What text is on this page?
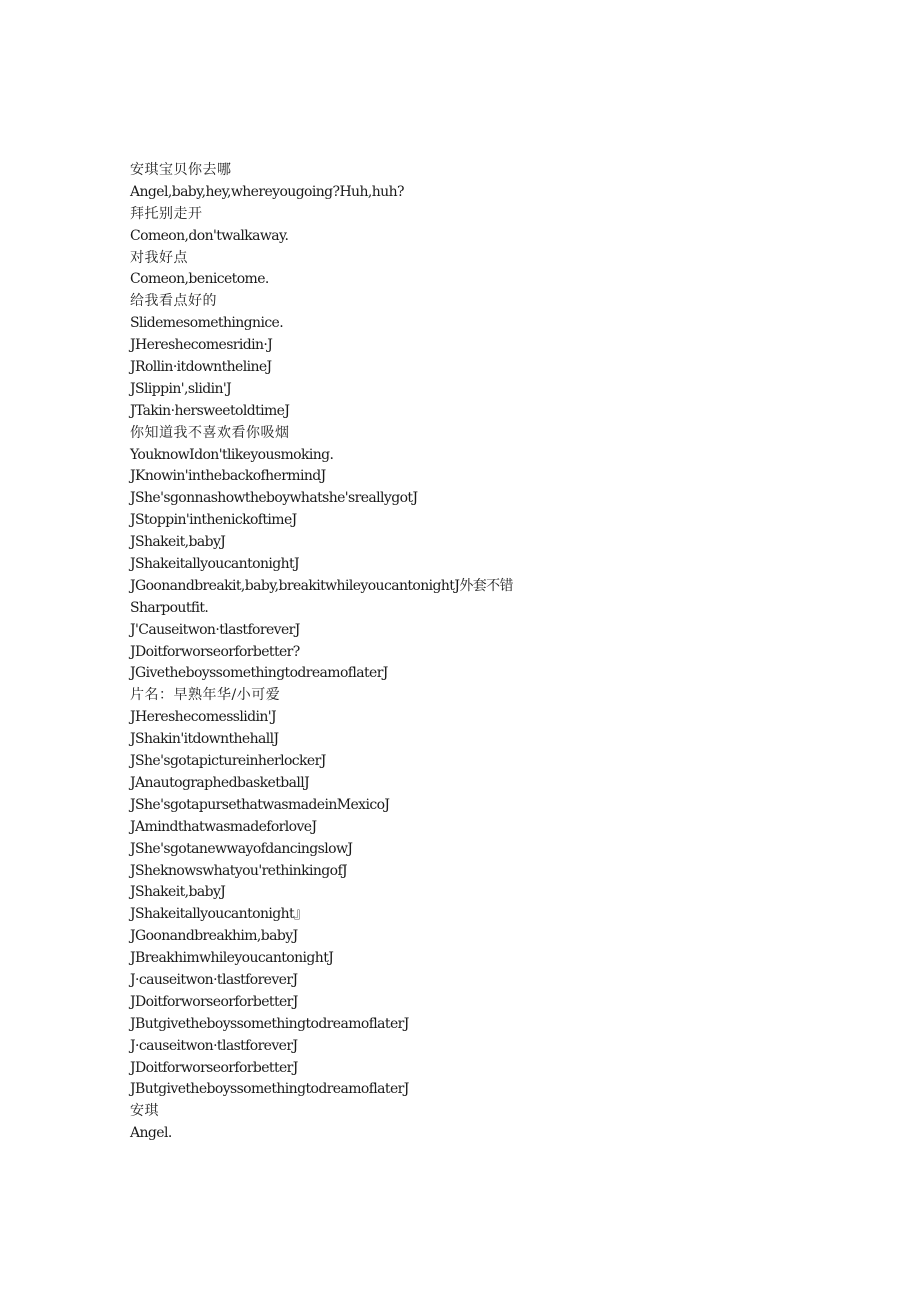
安琪宝贝你去哪
Angel,baby,hey,whereyougoing?Huh,huh?
拜托别走开
Comeon,don'twalkaway.
对我好点
Comeon,benicetome.
给我看点好的
Slidemesomethingnice.
JHereshecomesridin·J
JRollin·itdownthelineJ
JSlippin',slidin'J
JTakin·hersweetoldtimeJ
你知道我不喜欢看你吸烟
YouknowIdon'tlikeyousmoking.
JKnowin'inthebackofhermindJ
JShe'sgonnashowtheboywhatshe'sreallygotJ
JStoppin'inthenickoftimeJ
JShakeit,babyJ
JShakeitallyoucantonightJ
JGoonandbreakit,baby,breakitwhileyoucantonightJ外套不错
Sharpoutfit.
J'Causeitwon·tlastforeverJ
JDoitforworseorforbetter?
JGivetheboyssomethingtodreamoflaterJ
片名：早熟年华/小可爱
JHereshecomesslidin'J
JShakin'itdownthehallJ
JShe'sgotapictureinherlockerJ
JAnautographedbasketballJ
JShe'sgotapursethatwasmadeinMexicoJ
JAmindthatwasmadeforloveJ
JShe'sgotanewwayofdancingslowJ
JSheknowswhatyou'rethinkingofJ
JShakeit,babyJ
JShakeitallyoucantonight』
JGoonandbreakhim,babyJ
JBreakhimwhileyoucantonightJ
J·causeitwon·tlastforeverJ
JDoitforworseorforbetterJ
JButgivetheboyssomethingtodreamoflaterJ
J·causeitwon·tlastforeverJ
JDoitforworseorforbetterJ
JButgivetheboyssomethingtodreamoflaterJ
安琪
Angel.
